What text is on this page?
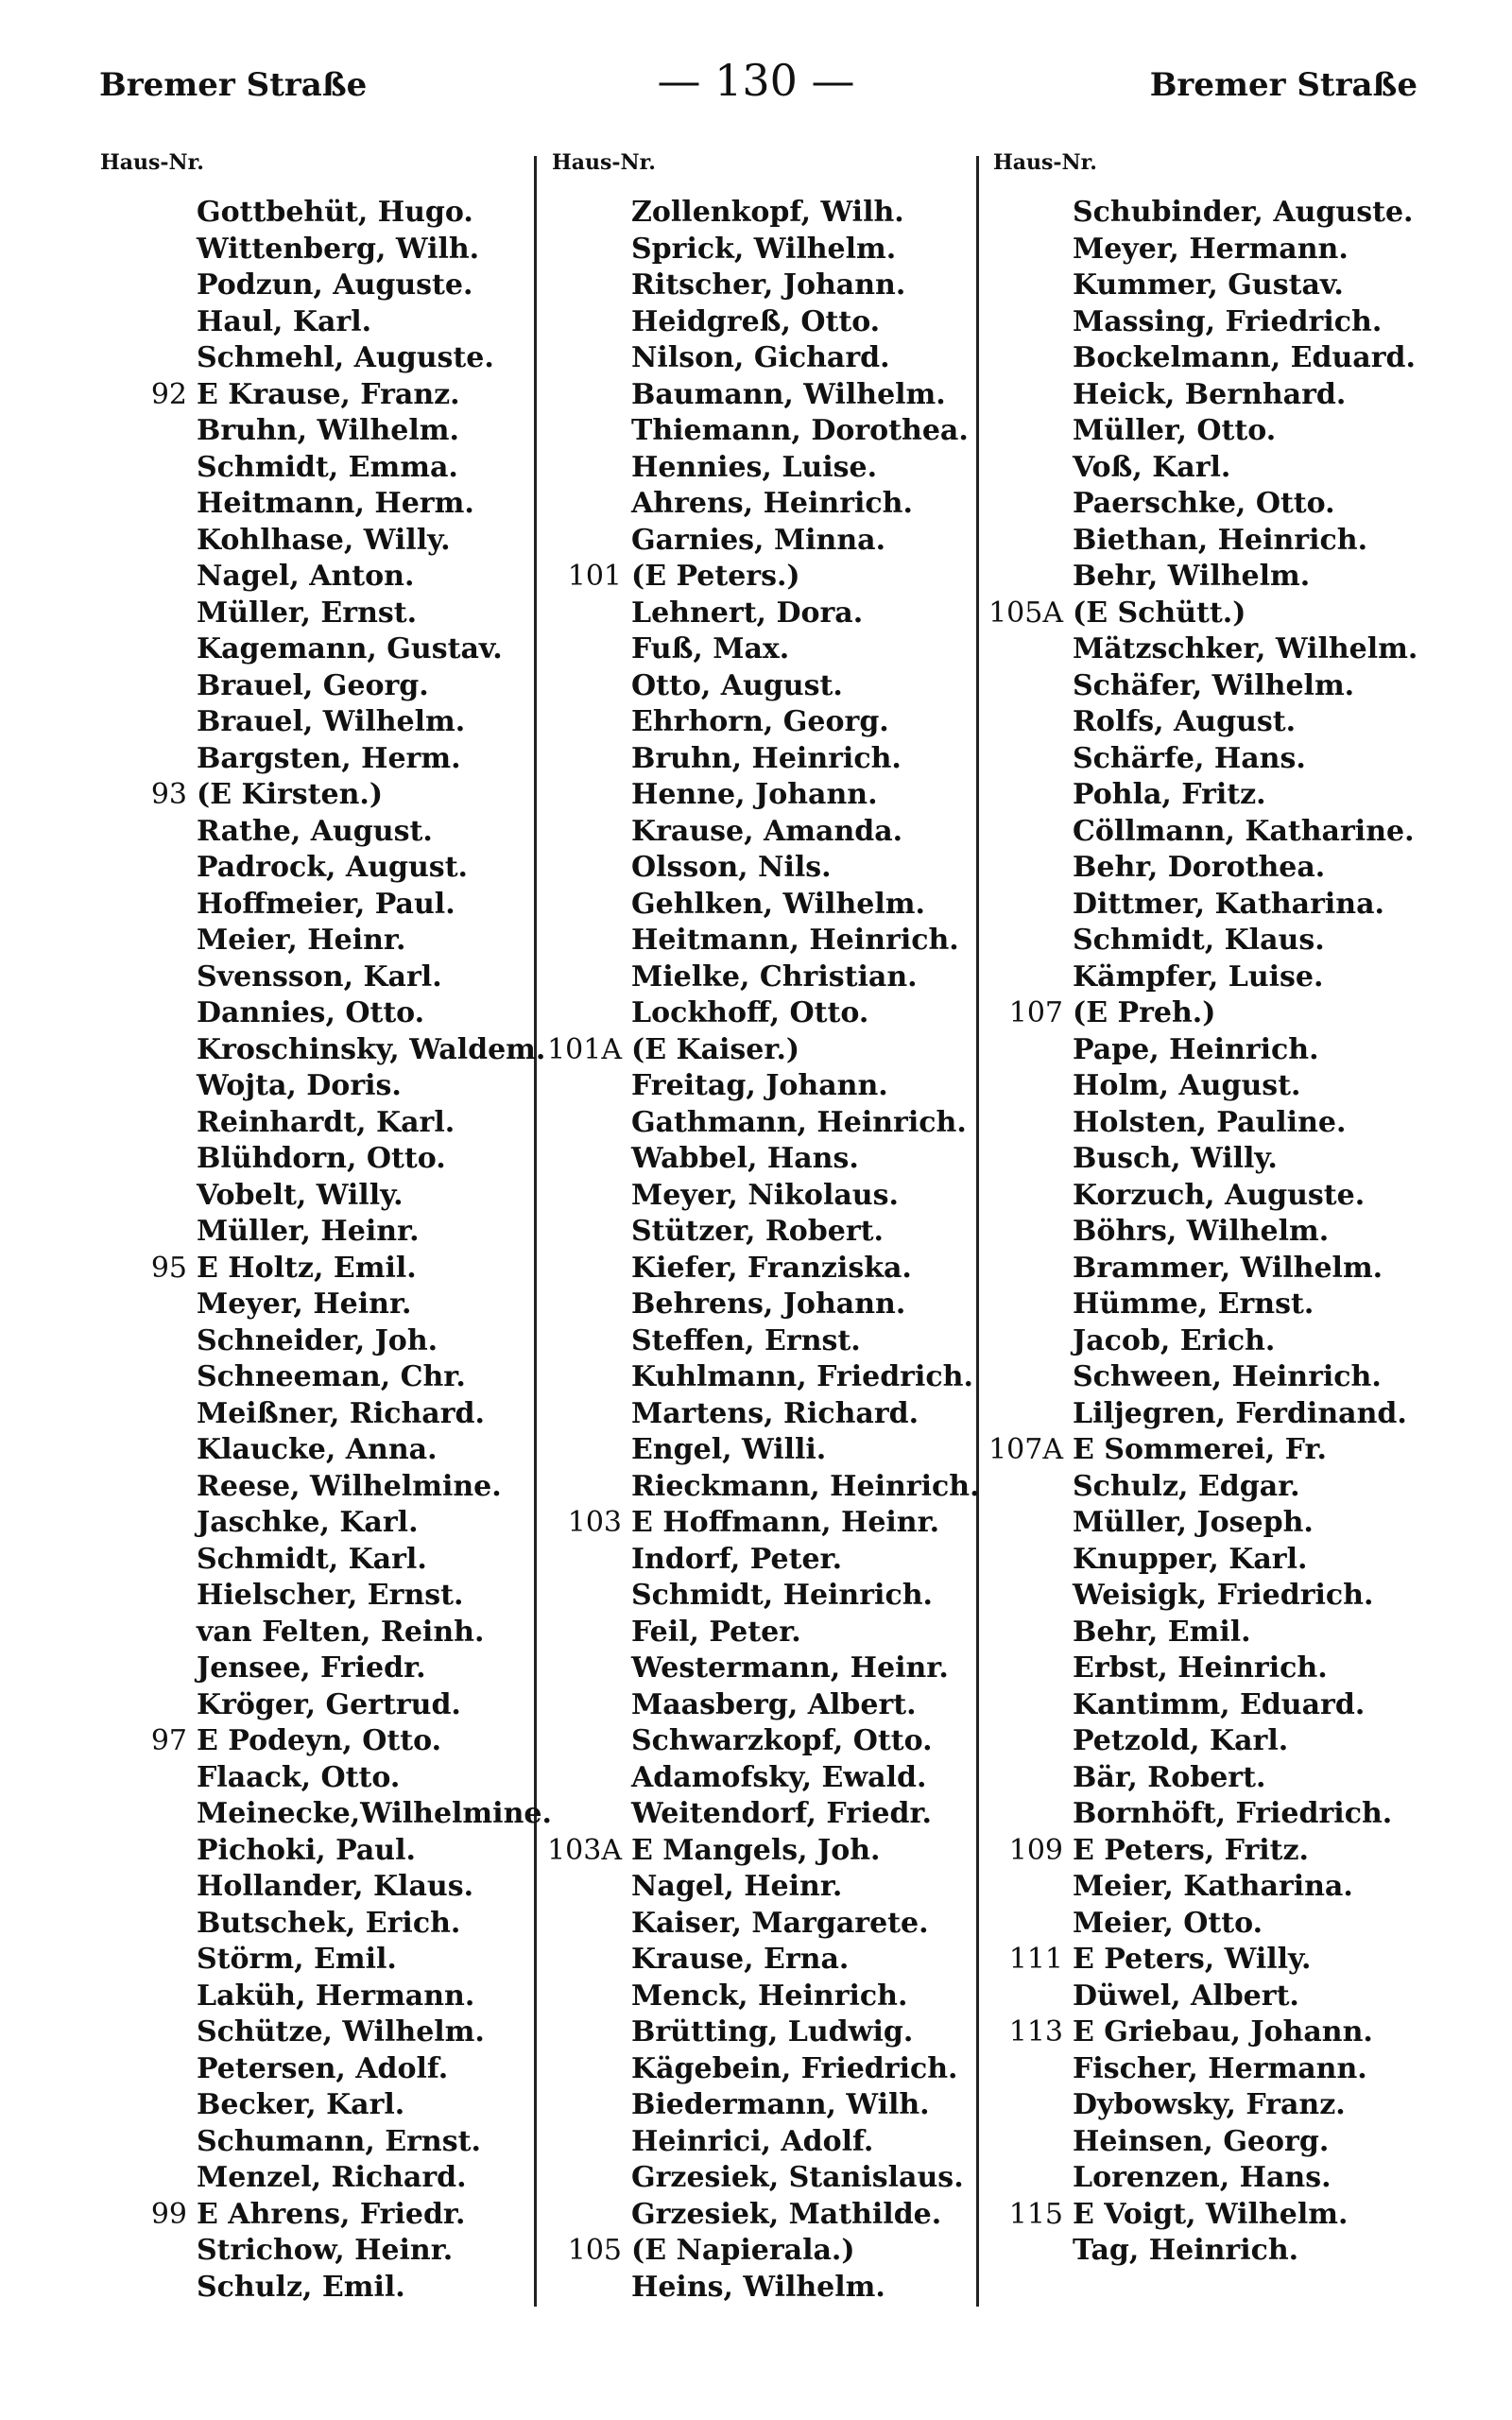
Bremer Straße	— 130 —	Bremer Straße
Haus-Nr.
Gottbehüt, Hugo.
Wittenberg, Wilh.
Podzun, Auguste.
Haul, Karl.
Schmehl, Auguste.
92 E Krause, Franz.
Bruhn, Wilhelm.
Schmidt, Emma.
Heitmann, Herm.
Kohlhase, Willy.
Nagel, Anton.
Müller, Ernst.
Kagemann, Gustav.
Brauel, Georg.
Brauel, Wilhelm.
Bargsten, Herm.
93 (E Kirsten.)
Rathe, August.
Padrock, August.
Hoffmeier, Paul.
Meier, Heinr.
Svensson, Karl.
Dannies, Otto.
Kroschinsky, Waldem.
Wojta, Doris.
Reinhardt, Karl.
Blühdorn, Otto.
Vobelt, Willy.
Müller, Heinr.
95 E Holtz, Emil.
Meyer, Heinr.
Schneider, Joh.
Schneeman, Chr.
Meißner, Richard.
Klaucke, Anna.
Reese, Wilhelmine.
Jaschke, Karl.
Schmidt, Karl.
Hielscher, Ernst.
van Felten, Reinh.
Jensee, Friedr.
Kröger, Gertrud.
97 E Podeyn, Otto.
Flaack, Otto.
Meinecke,Wilhelmine.
Pichoki, Paul.
Hollander, Klaus.
Butschek, Erich.
Störm, Emil.
Laküh, Hermann.
Schütze, Wilhelm.
Petersen, Adolf.
Becker, Karl.
Schumann, Ernst.
Menzel, Richard.
99 E Ahrens, Friedr.
Strichow, Heinr.
Schulz, Emil.
Haus-Nr.
Zollenkopf, Wilh.
Sprick, Wilhelm.
Ritscher, Johann.
Heidgreß, Otto.
Nilson, Gichard.
Baumann, Wilhelm.
Thiemann, Dorothea.
Hennies, Luise.
Ahrens, Heinrich.
Garnies, Minna.
101 (E Peters.)
Lehnert, Dora.
Fuß, Max.
Otto, August.
Ehrhorn, Georg.
Bruhn, Heinrich.
Henne, Johann.
Krause, Amanda.
Olsson, Nils.
Gehlken, Wilhelm.
Heitmann, Heinrich.
Mielke, Christian.
Lockhoff, Otto.
101A (E Kaiser.)
Freitag, Johann.
Gathmann, Heinrich.
Wabbel, Hans.
Meyer, Nikolaus.
Stützer, Robert.
Kiefer, Franziska.
Behrens, Johann.
Steffen, Ernst.
Kuhlmann, Friedrich.
Martens, Richard.
Engel, Willi.
Rieckmann, Heinrich.
103 E Hoffmann, Heinr.
Indorf, Peter.
Schmidt, Heinrich.
Feil, Peter.
Westermann, Heinr.
Maasberg, Albert.
Schwarzkopf, Otto.
Adamofsky, Ewald.
Weitendorf, Friedr.
103A E Mangels, Joh.
Nagel, Heinr.
Kaiser, Margarete.
Krause, Erna.
Menck, Heinrich.
Brütting, Ludwig.
Kägebein, Friedrich.
Biedermann, Wilh.
Heinrici, Adolf.
Grzesiek, Stanislaus.
Grzesiek, Mathilde.
105 (E Napierala.)
Heins, Wilhelm.
Haus-Nr.
Schubinder, Auguste.
Meyer, Hermann.
Kummer, Gustav.
Massing, Friedrich.
Bockelmann, Eduard.
Heick, Bernhard.
Müller, Otto.
Voß, Karl.
Paerschke, Otto.
Biethan, Heinrich.
Behr, Wilhelm.
105A (E Schütt.)
Mätzschker, Wilhelm.
Schäfer, Wilhelm.
Rolfs, August.
Schärfe, Hans.
Pohla, Fritz.
Cöllmann, Katharine.
Behr, Dorothea.
Dittmer, Katharina.
Schmidt, Klaus.
Kämpfer, Luise.
107 (E Preh.)
Pape, Heinrich.
Holm, August.
Holsten, Pauline.
Busch, Willy.
Korzuch, Auguste.
Böhrs, Wilhelm.
Brammer, Wilhelm.
Hümme, Ernst.
Jacob, Erich.
Schween, Heinrich.
Liljegren, Ferdinand.
107A E Sommerei, Fr.
Schulz, Edgar.
Müller, Joseph.
Knupper, Karl.
Weisigk, Friedrich.
Behr, Emil.
Erbst, Heinrich.
Kantimm, Eduard.
Petzold, Karl.
Bär, Robert.
Bornhöft, Friedrich.
109 E Peters, Fritz.
Meier, Katharina.
Meier, Otto.
111 E Peters, Willy.
Düwel, Albert.
113 E Griebau, Johann.
Fischer, Hermann.
Dybowsky, Franz.
Heinsen, Georg.
Lorenzen, Hans.
115 E Voigt, Wilhelm.
Tag, Heinrich.
